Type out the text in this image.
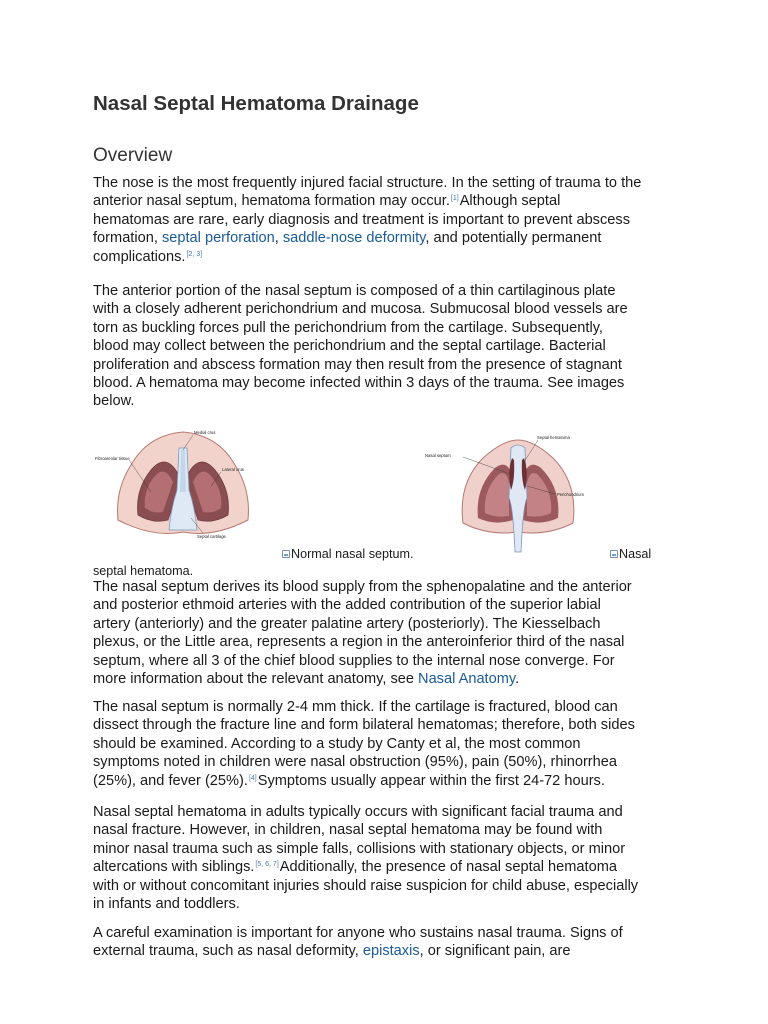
Nasal Septal Hematoma Drainage
Overview
The nose is the most frequently injured facial structure. In the setting of trauma to the
anterior nasal septum, hematoma formation may occur.[1]Although septal
hematomas are rare, early diagnosis and treatment is important to prevent abscess
formation, septal perforation, saddle-nose deformity, and potentially permanent
complications.[2, 3]
The anterior portion of the nasal septum is composed of a thin cartilaginous plate
with a closely adherent perichondrium and mucosa. Submucosal blood vessels are
torn as buckling forces pull the perichondrium from the cartilage. Subsequently,
blood may collect between the perichondrium and the septal cartilage. Bacterial
proliferation and abscess formation may then result from the presence of stagnant
blood. A hematoma may become infected within 3 days of the trauma. See images
below.
Medial crus
Fibroareolar tissue
Lateral crus
Septal cartilage
Septal hematoma
Nasal septum
Perichondrium
Normal nasal septum.	Nasal
septal hematoma.
The nasal septum derives its blood supply from the sphenopalatine and the anterior
and posterior ethmoid arteries with the added contribution of the superior labial
artery (anteriorly) and the greater palatine artery (posteriorly). The Kiesselbach
plexus, or the Little area, represents a region in the anteroinferior third of the nasal
septum, where all 3 of the chief blood supplies to the internal nose converge. For
more information about the relevant anatomy, see Nasal Anatomy.
The nasal septum is normally 2-4 mm thick. If the cartilage is fractured, blood can
dissect through the fracture line and form bilateral hematomas; therefore, both sides
should be examined. According to a study by Canty et al, the most common
symptoms noted in children were nasal obstruction (95%), pain (50%), rhinorrhea
(25%), and fever (25%).[4]Symptoms usually appear within the first 24-72 hours.
Nasal septal hematoma in adults typically occurs with significant facial trauma and
nasal fracture. However, in children, nasal septal hematoma may be found with
minor nasal trauma such as simple falls, collisions with stationary objects, or minor
altercations with siblings.[5, 6, 7]Additionally, the presence of nasal septal hematoma
with or without concomitant injuries should raise suspicion for child abuse, especially
in infants and toddlers.
A careful examination is important for anyone who sustains nasal trauma. Signs of
external trauma, such as nasal deformity, epistaxis, or significant pain, are
